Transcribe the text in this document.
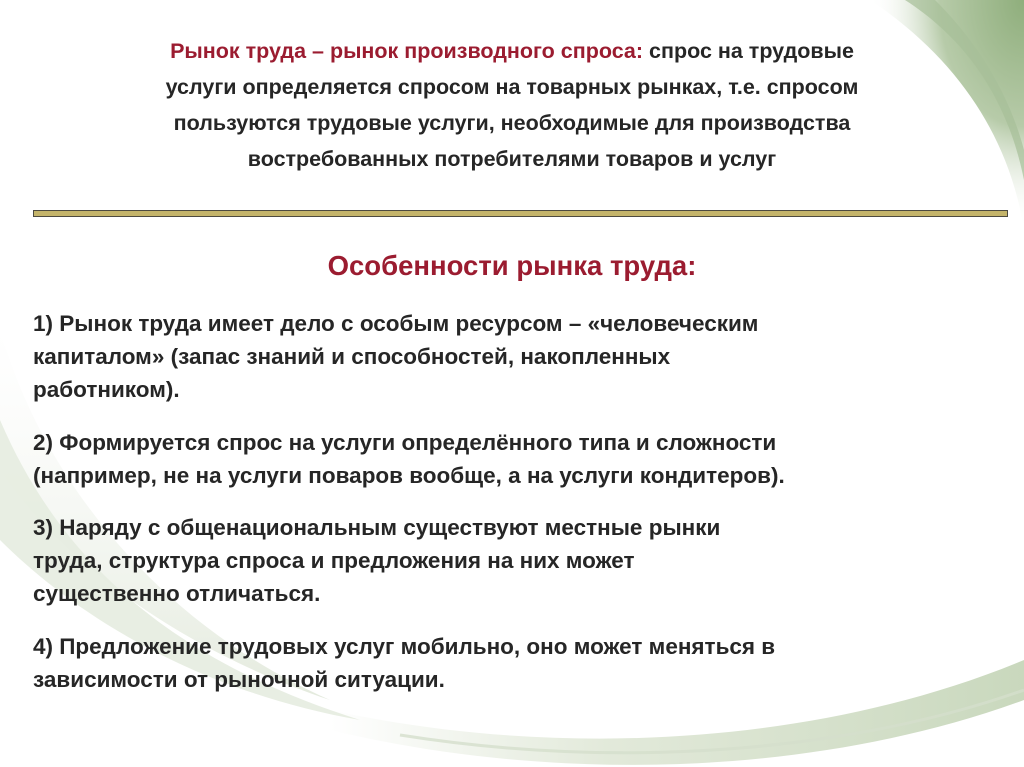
Рынок труда – рынок производного спроса: спрос на трудовые
услуги определяется спросом на товарных рынках, т.е. спросом
пользуются трудовые услуги, необходимые для производства
востребованных потребителями товаров и услуг
Особенности рынка труда:
1) Рынок труда имеет дело с особым ресурсом – «человеческим
капиталом» (запас знаний и способностей, накопленных
работником).
2) Формируется спрос на услуги определённого типа и сложности
(например, не на услуги поваров вообще, а на услуги кондитеров).
3) Наряду с общенациональным существуют местные рынки
труда, структура спроса и предложения на них может
существенно отличаться.
4) Предложение трудовых услуг мобильно, оно может меняться в
зависимости от рыночной ситуации.
